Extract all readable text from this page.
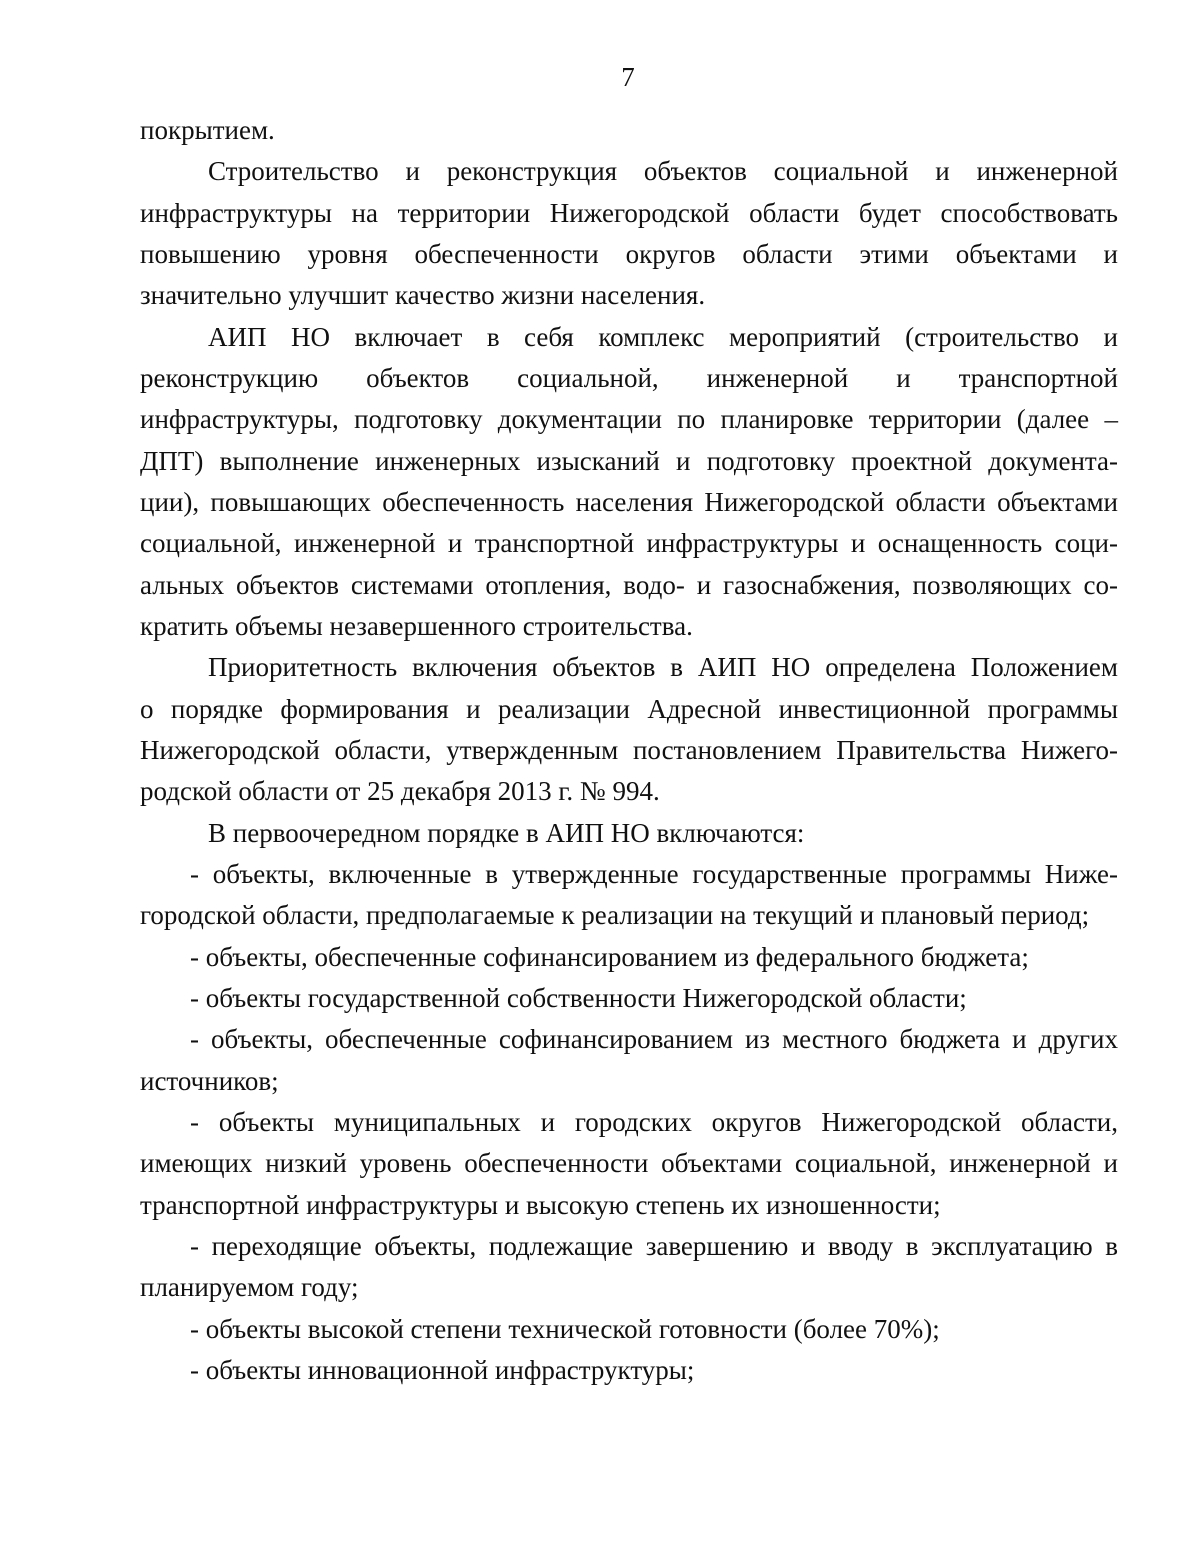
7
покрытием.
Строительство и реконструкция объектов социальной и инженерной
инфраструктуры на территории Нижегородской области будет способствовать
повышению уровня обеспеченности округов области этими объектами и
значительно улучшит качество жизни населения.
АИП НО включает в себя комплекс мероприятий (строительство и
реконструкцию объектов социальной, инженерной и транспортной
инфраструктуры, подготовку документации по планировке территории (далее –
ДПТ) выполнение инженерных изысканий и подготовку проектной документа-
ции), повышающих обеспеченность населения Нижегородской области объектами
социальной, инженерной и транспортной инфраструктуры и оснащенность соци-
альных объектов системами отопления, водо- и газоснабжения, позволяющих со-
кратить объемы незавершенного строительства.
Приоритетность включения объектов в АИП НО определена Положением
о порядке формирования и реализации Адресной инвестиционной программы
Нижегородской области, утвержденным постановлением Правительства Нижего-
родской области от 25 декабря 2013 г. № 994.
В первоочередном порядке в АИП НО включаются:
- объекты, включенные в утвержденные государственные программы Ниже-
городской области, предполагаемые к реализации на текущий и плановый период;
- объекты, обеспеченные софинансированием из федерального бюджета;
- объекты государственной собственности Нижегородской области;
- объекты, обеспеченные софинансированием из местного бюджета и других
источников;
- объекты муниципальных и городских округов Нижегородской области,
имеющих низкий уровень обеспеченности объектами социальной, инженерной и
транспортной инфраструктуры и высокую степень их изношенности;
- переходящие объекты, подлежащие завершению и вводу в эксплуатацию в
планируемом году;
- объекты высокой степени технической готовности (более 70%);
- объекты инновационной инфраструктуры;
